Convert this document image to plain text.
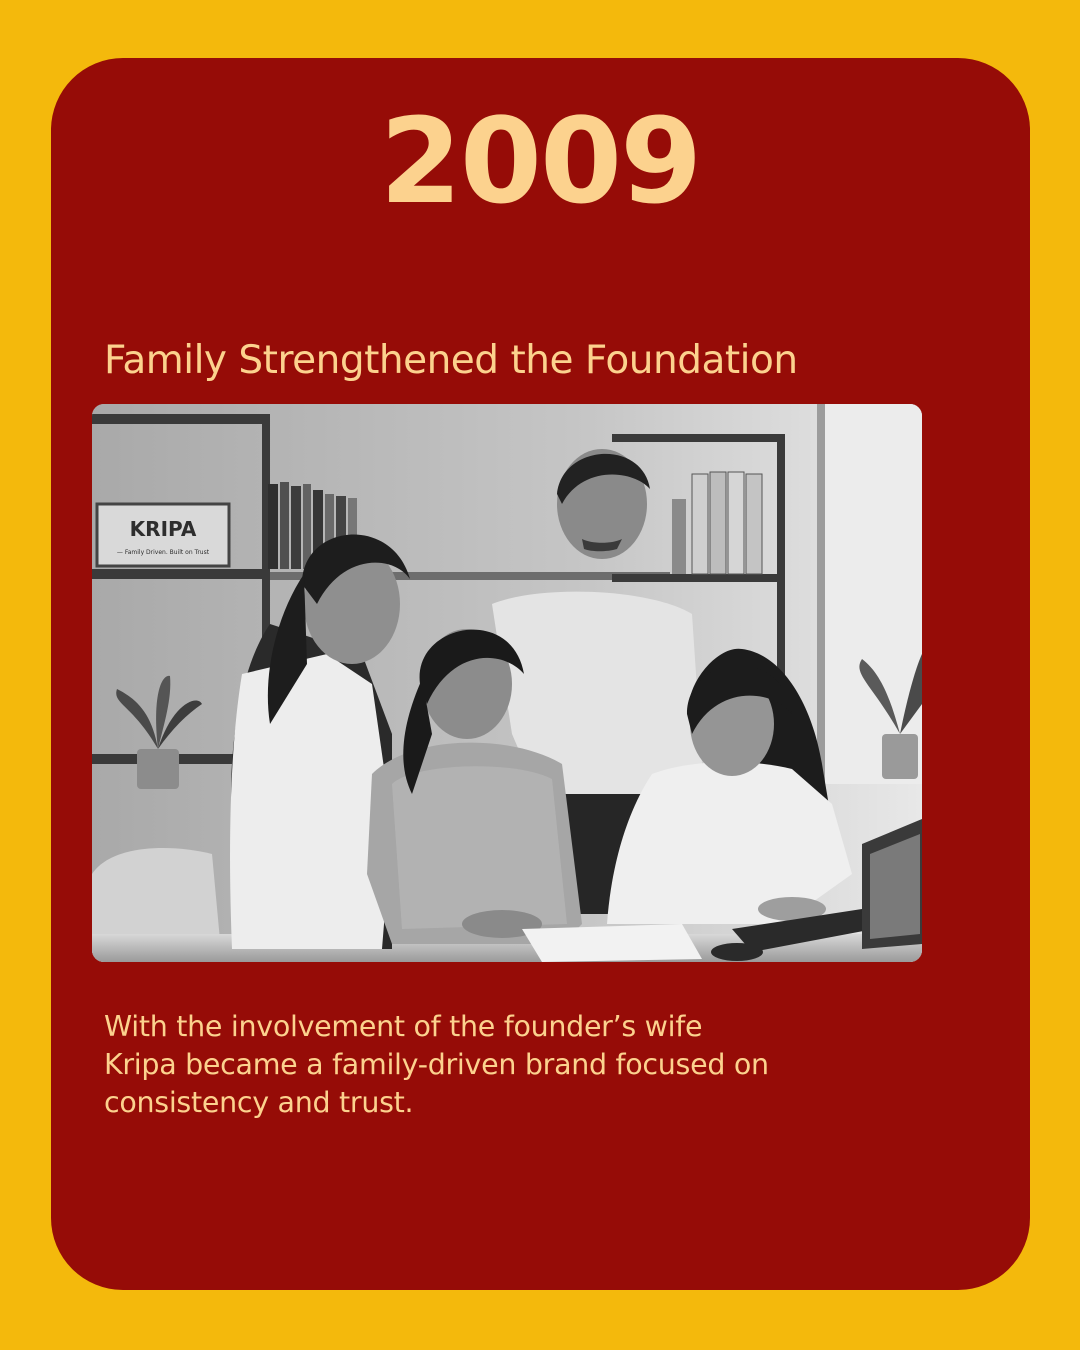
2009
Family Strengthened the Foundation
KRIPA
— Family Driven. Built on Trust
With the involvement of the founder’s wife
Kripa became a family-driven brand focused on
consistency and trust.
